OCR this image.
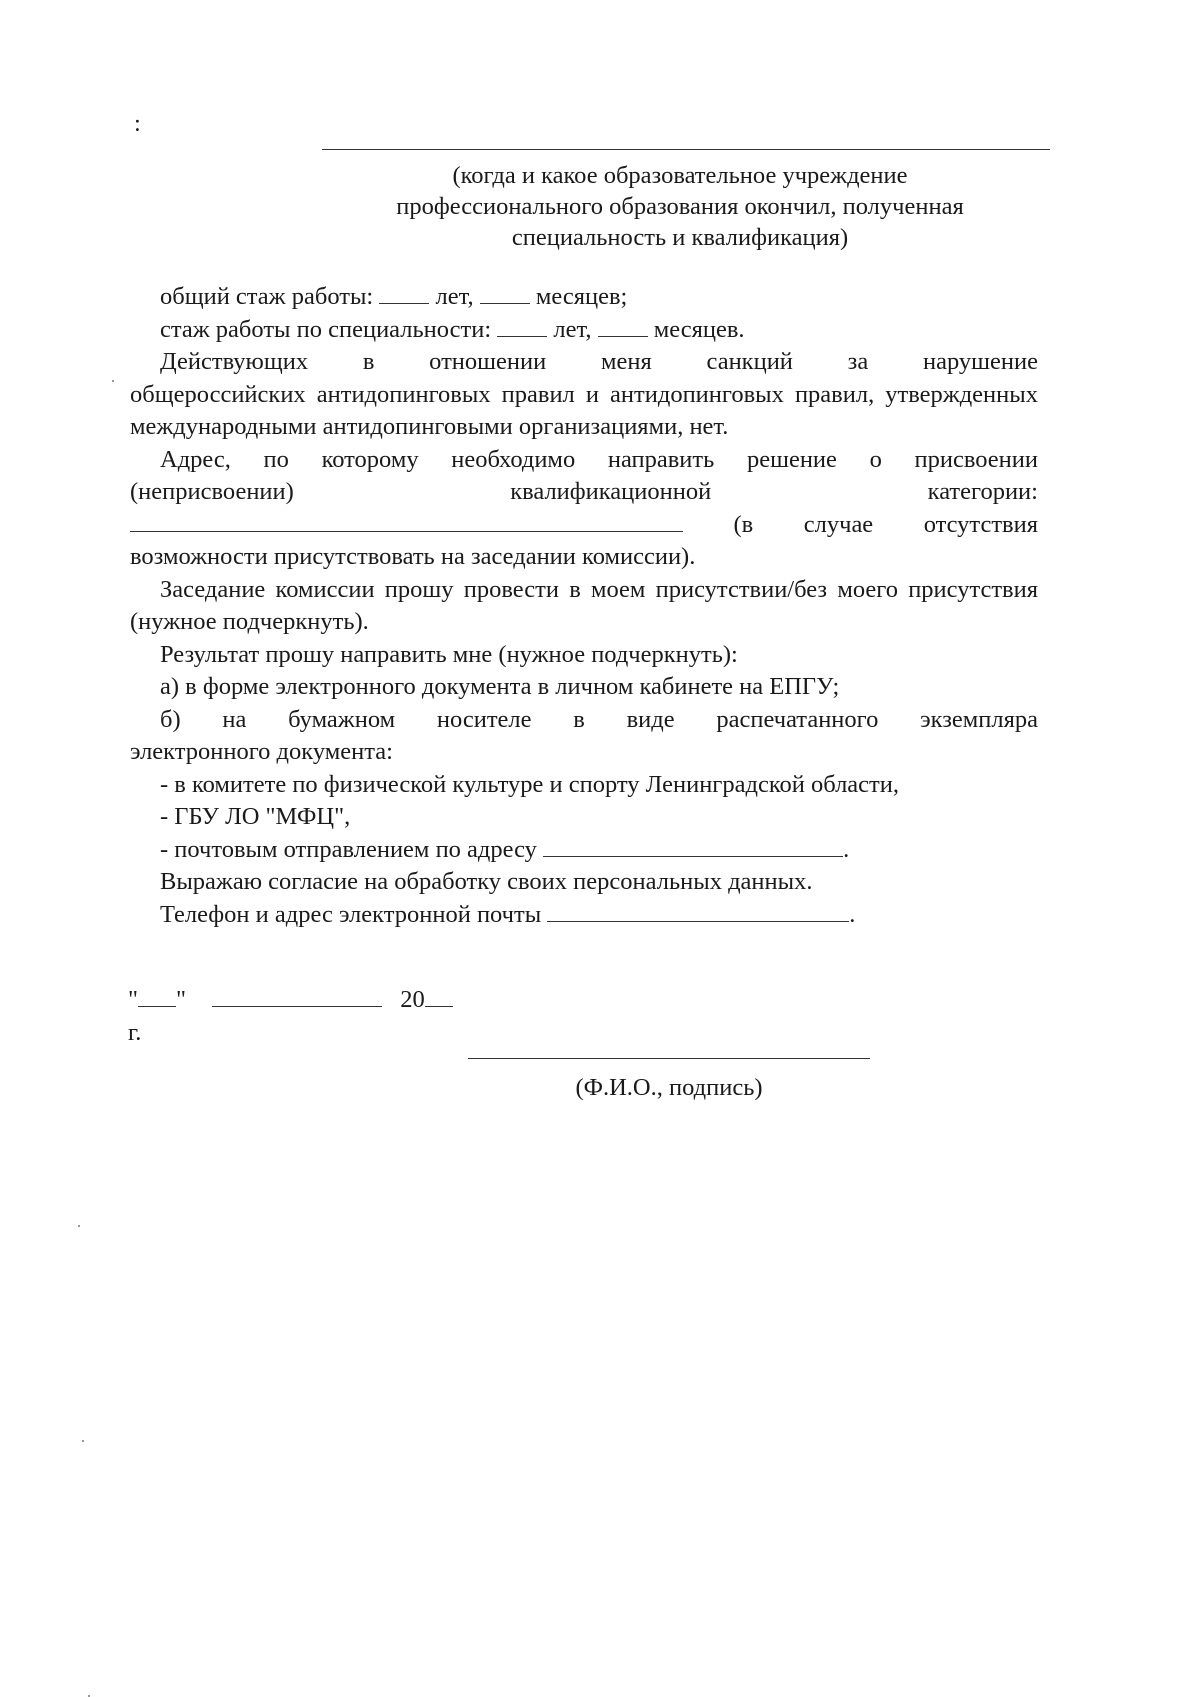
:
(когда и какое образовательное учреждение
профессионального образования окончил, полученная
специальность и квалификация)
общий стаж работы:	лет,	месяцев;
стаж работы по специальности:	лет,	месяцев.
Действующих в отношении меня санкций за нарушение
общероссийских антидопинговых правил и антидопинговых правил, утвержденных международными антидопинговыми организациями, нет.
Адрес, по которому необходимо направить решение о присвоении
(неприсвоении)	квалификационной	категории:
(в случае отсутствия
возможности присутствовать на заседании комиссии).
Заседание комиссии прошу провести в моем присутствии/без моего присутствия (нужное подчеркнуть).
Результат прошу направить мне (нужное подчеркнуть):
а) в форме электронного документа в личном кабинете на ЕПГУ;
б) на бумажном носителе в виде распечатанного экземпляра
электронного документа:
- в комитете по физической культуре и спорту Ленинградской области,
- ГБУ ЛО "МФЦ",
- почтовым отправлением по адресу	.
Выражаю согласие на обработку своих персональных данных.
Телефон и адрес электронной почты	.
" "	20
г.
(Ф.И.О., подпись)
